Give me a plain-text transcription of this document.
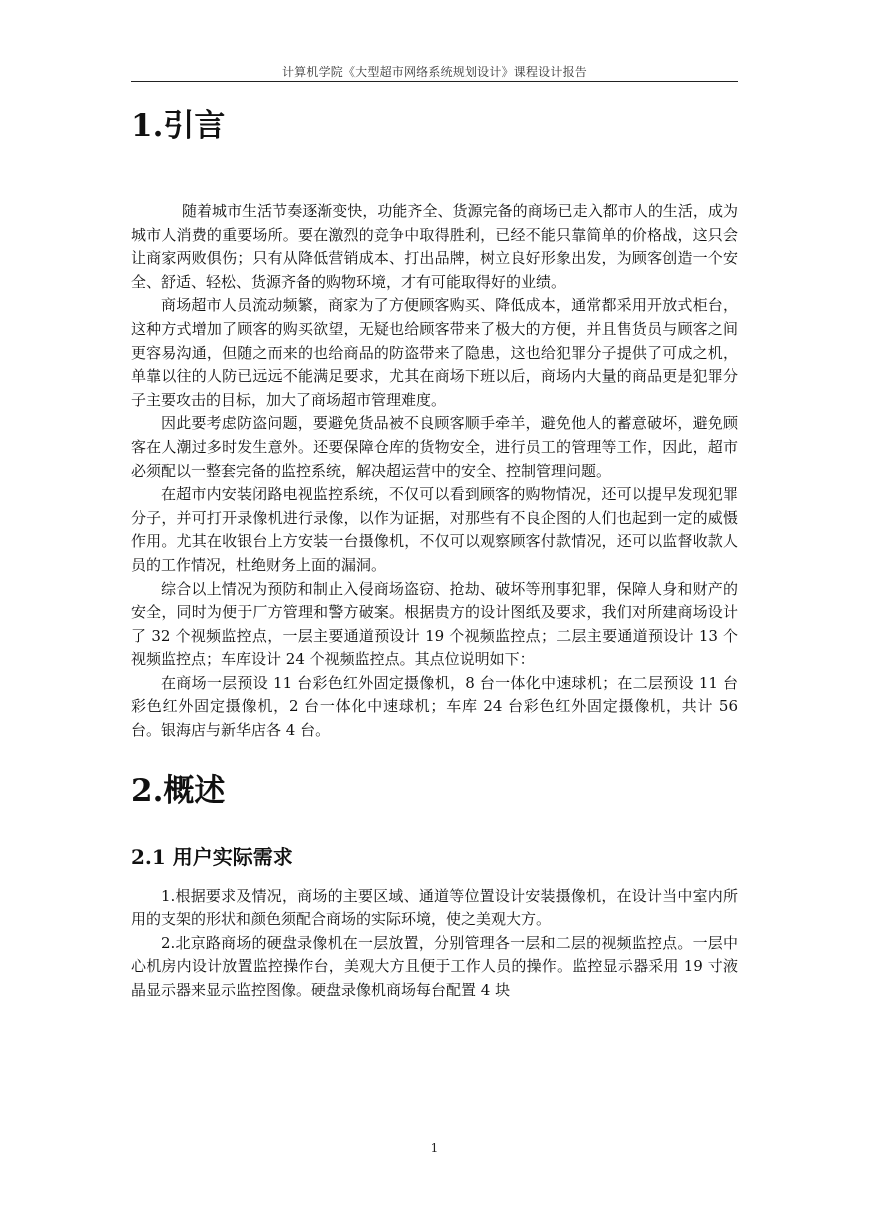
计算机学院《大型超市网络系统规划设计》课程设计报告
1.引言

随着城市生活节奏逐渐变快，功能齐全、货源完备的商场已走入都市人的生活，成为城市人消费的重要场所。要在激烈的竞争中取得胜利，已经不能只靠简单的价格战，这只会让商家两败俱伤；只有从降低营销成本、打出品牌，树立良好形象出发，为顾客创造一个安全、舒适、轻松、货源齐备的购物环境，才有可能取得好的业绩。

商场超市人员流动频繁，商家为了方便顾客购买、降低成本，通常都采用开放式柜台，这种方式增加了顾客的购买欲望，无疑也给顾客带来了极大的方便，并且售货员与顾客之间更容易沟通，但随之而来的也给商品的防盗带来了隐患，这也给犯罪分子提供了可成之机，单靠以往的人防已远远不能满足要求，尤其在商场下班以后，商场内大量的商品更是犯罪分子主要攻击的目标，加大了商场超市管理难度。

因此要考虑防盗问题，要避免货品被不良顾客顺手牵羊，避免他人的蓄意破坏，避免顾客在人潮过多时发生意外。还要保障仓库的货物安全，进行员工的管理等工作，因此，超市必须配以一整套完备的监控系统，解决超运营中的安全、控制管理问题。

在超市内安装闭路电视监控系统，不仅可以看到顾客的购物情况，还可以提早发现犯罪分子，并可打开录像机进行录像，以作为证据，对那些有不良企图的人们也起到一定的威慑作用。尤其在收银台上方安装一台摄像机，不仅可以观察顾客付款情况，还可以监督收款人员的工作情况，杜绝财务上面的漏洞。

综合以上情况为预防和制止入侵商场盗窃、抢劫、破坏等刑事犯罪，保障人身和财产的安全，同时为便于厂方管理和警方破案。根据贵方的设计图纸及要求，我们对所建商场设计了 32 个视频监控点，一层主要通道预设计 19 个视频监控点；二层主要通道预设计 13 个视频监控点；车库设计 24 个视频监控点。其点位说明如下：

在商场一层预设 11 台彩色红外固定摄像机，8 台一体化中速球机；在二层预设 11 台彩色红外固定摄像机，2 台一体化中速球机；车库 24 台彩色红外固定摄像机，共计 56 台。银海店与新华店各 4 台。

2.概述
2.1 用户实际需求

1.根据要求及情况，商场的主要区域、通道等位置设计安装摄像机，在设计当中室内所用的支架的形状和颜色须配合商场的实际环境，使之美观大方。

2.北京路商场的硬盘录像机在一层放置，分别管理各一层和二层的视频监控点。一层中心机房内设计放置监控操作台，美观大方且便于工作人员的操作。监控显示器采用 19 寸液晶显示器来显示监控图像。硬盘录像机商场每台配置 4 块

1
